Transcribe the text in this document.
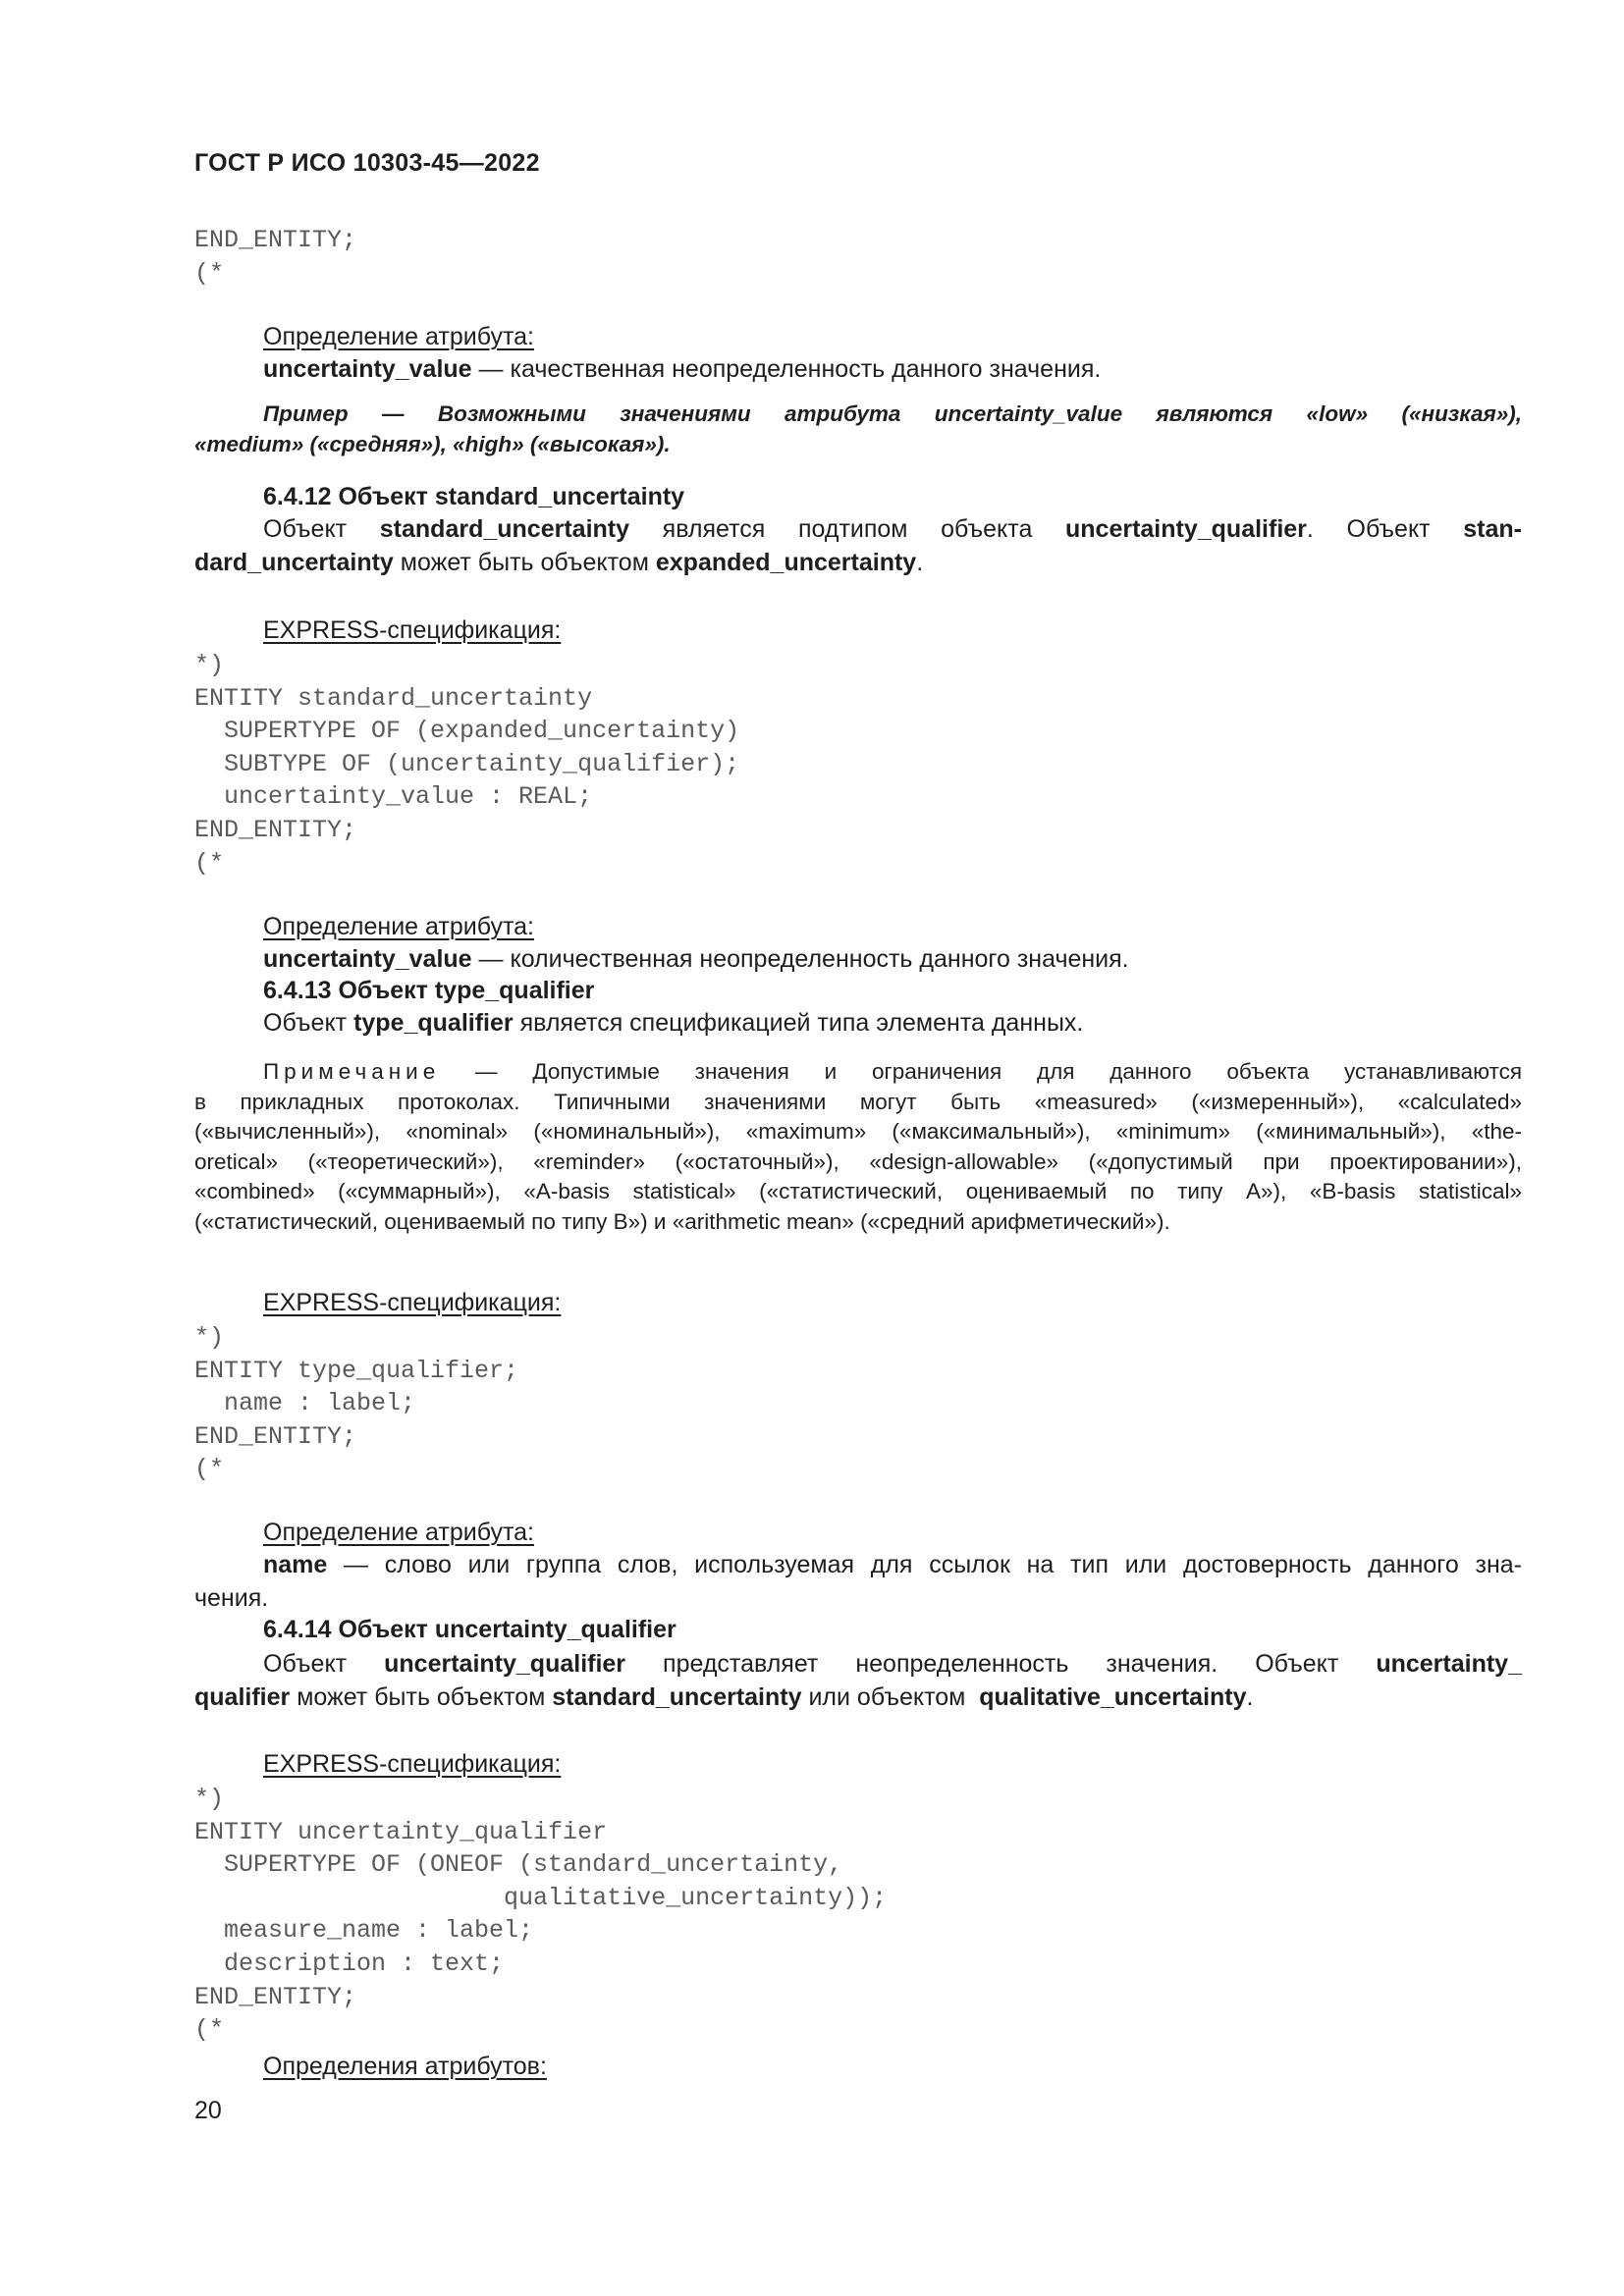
ГОСТ Р ИСО 10303-45—2022
END_ENTITY;
(*
Определение атрибута:
uncertainty_value — качественная неопределенность данного значения.
Пример — Возможными значениями атрибута uncertainty_value являются «low» («низкая»),
«medium» («средняя»), «high» («высокая»).
6.4.12 Объект standard_uncertainty
Объект standard_uncertainty является подтипом объекта uncertainty_qualifier. Объект stan-
dard_uncertainty может быть объектом expanded_uncertainty.
EXPRESS-спецификация:
*)
ENTITY standard_uncertainty
SUPERTYPE OF (expanded_uncertainty)
SUBTYPE OF (uncertainty_qualifier);
uncertainty_value : REAL;
END_ENTITY;
(*
Определение атрибута:
uncertainty_value — количественная неопределенность данного значения.
6.4.13 Объект type_qualifier
Объект type_qualifier является спецификацией типа элемента данных.
Примечание — Допустимые значения и ограничения для данного объекта устанавливаются
в прикладных протоколах. Типичными значениями могут быть «measured» («измеренный»), «calculated»
(«вычисленный»), «nominal» («номинальный»), «maximum» («максимальный»), «minimum» («минимальный»), «the-
oretical» («теоретический»), «reminder» («остаточный»), «design-allowable» («допустимый при проектировании»),
«combined» («суммарный»), «A-basis statistical» («статистический, оцениваемый по типу A»), «B-basis statistical»
(«статистический, оцениваемый по типу B») и «arithmetic mean» («средний арифметический»).
EXPRESS-спецификация:
*)
ENTITY type_qualifier;
name : label;
END_ENTITY;
(*
Определение атрибута:
name — слово или группа слов, используемая для ссылок на тип или достоверность данного зна-
чения.
6.4.14 Объект uncertainty_qualifier
Объект uncertainty_qualifier представляет неопределенность значения. Объект uncertainty_
qualifier может быть объектом standard_uncertainty или объектом  qualitative_uncertainty.
EXPRESS-спецификация:
*)
ENTITY uncertainty_qualifier
SUPERTYPE OF (ONEOF (standard_uncertainty,
qualitative_uncertainty));
measure_name : label;
description : text;
END_ENTITY;
(*
Определения атрибутов:
20
